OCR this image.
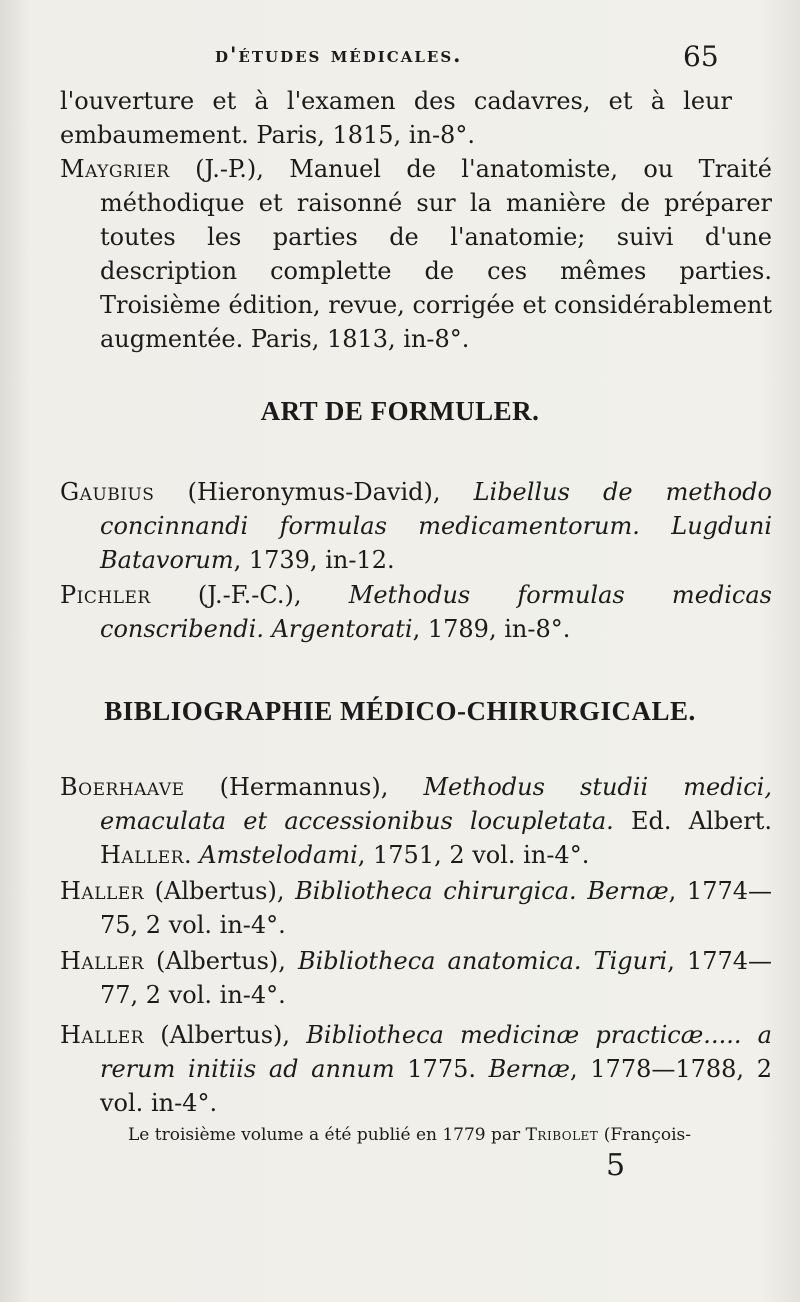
d'études médicales.	65

l'ouverture et à l'examen des cadavres, et à leur embaumement. Paris, 1815, in-8°.

Maygrier (J.-P.), Manuel de l'anatomiste, ou Traité méthodique et raisonné sur la manière de préparer toutes les parties de l'anatomie; suivi d'une description complette de ces mêmes parties. Troisième édition, revue, corrigée et considérablement augmentée. Paris, 1813, in-8°.

ART DE FORMULER.

Gaubius (Hieronymus-David), Libellus de methodo concinnandi formulas medicamentorum. Lugduni Batavorum, 1739, in-12.

Pichler (J.-F.-C.), Methodus formulas medicas conscribendi. Argentorati, 1789, in-8°.

BIBLIOGRAPHIE MÉDICO-CHIRURGICALE.

Boerhaave (Hermannus), Methodus studii medici, emaculata et accessionibus locupletata. Ed. Albert. Haller. Amstelodami, 1751, 2 vol. in-4°.

Haller (Albertus), Bibliotheca chirurgica. Bernæ, 1774—75, 2 vol. in-4°.

Haller (Albertus), Bibliotheca anatomica. Tiguri, 1774—77, 2 vol. in-4°.

Haller (Albertus), Bibliotheca medicinæ practicæ..... a rerum initiis ad annum 1775. Bernæ, 1778—1788, 2 vol. in-4°.

Le troisième volume a été publié en 1779 par Tribolet (François-

5
